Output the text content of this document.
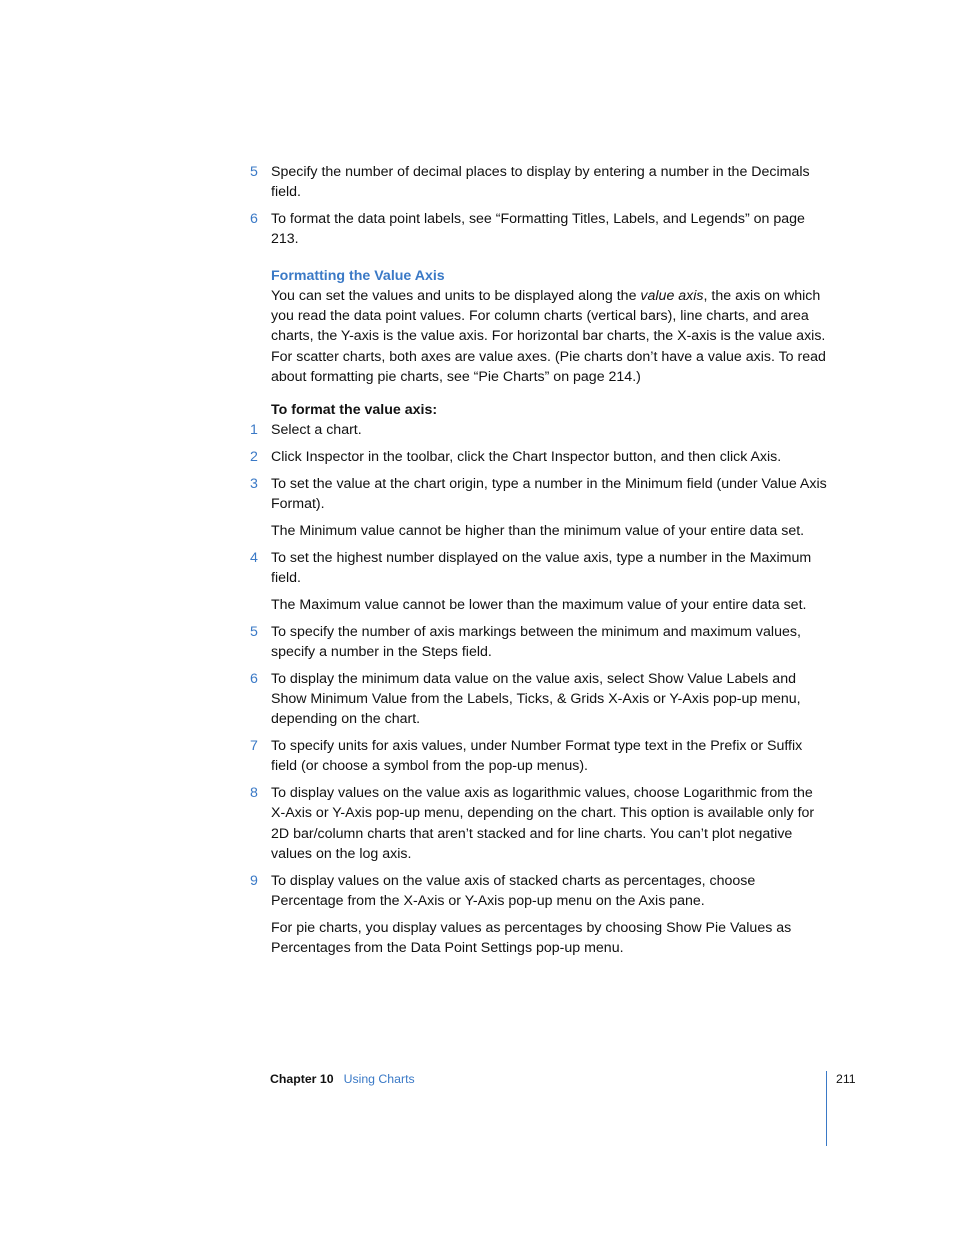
5 Specify the number of decimal places to display by entering a number in the Decimals field.
6 To format the data point labels, see “Formatting Titles, Labels, and Legends” on page 213.
Formatting the Value Axis
You can set the values and units to be displayed along the value axis, the axis on which you read the data point values. For column charts (vertical bars), line charts, and area charts, the Y-axis is the value axis. For horizontal bar charts, the X-axis is the value axis. For scatter charts, both axes are value axes. (Pie charts don’t have a value axis. To read about formatting pie charts, see “Pie Charts” on page 214.)
To format the value axis:
1 Select a chart.
2 Click Inspector in the toolbar, click the Chart Inspector button, and then click Axis.
3 To set the value at the chart origin, type a number in the Minimum field (under Value Axis Format).
The Minimum value cannot be higher than the minimum value of your entire data set.
4 To set the highest number displayed on the value axis, type a number in the Maximum field.
The Maximum value cannot be lower than the maximum value of your entire data set.
5 To specify the number of axis markings between the minimum and maximum values, specify a number in the Steps field.
6 To display the minimum data value on the value axis, select Show Value Labels and Show Minimum Value from the Labels, Ticks, & Grids X-Axis or Y-Axis pop-up menu, depending on the chart.
7 To specify units for axis values, under Number Format type text in the Prefix or Suffix field (or choose a symbol from the pop-up menus).
8 To display values on the value axis as logarithmic values, choose Logarithmic from the X-Axis or Y-Axis pop-up menu, depending on the chart. This option is available only for 2D bar/column charts that aren’t stacked and for line charts. You can’t plot negative values on the log axis.
9 To display values on the value axis of stacked charts as percentages, choose Percentage from the X-Axis or Y-Axis pop-up menu on the Axis pane.
For pie charts, you display values as percentages by choosing Show Pie Values as Percentages from the Data Point Settings pop-up menu.
Chapter 10 Using Charts	211
